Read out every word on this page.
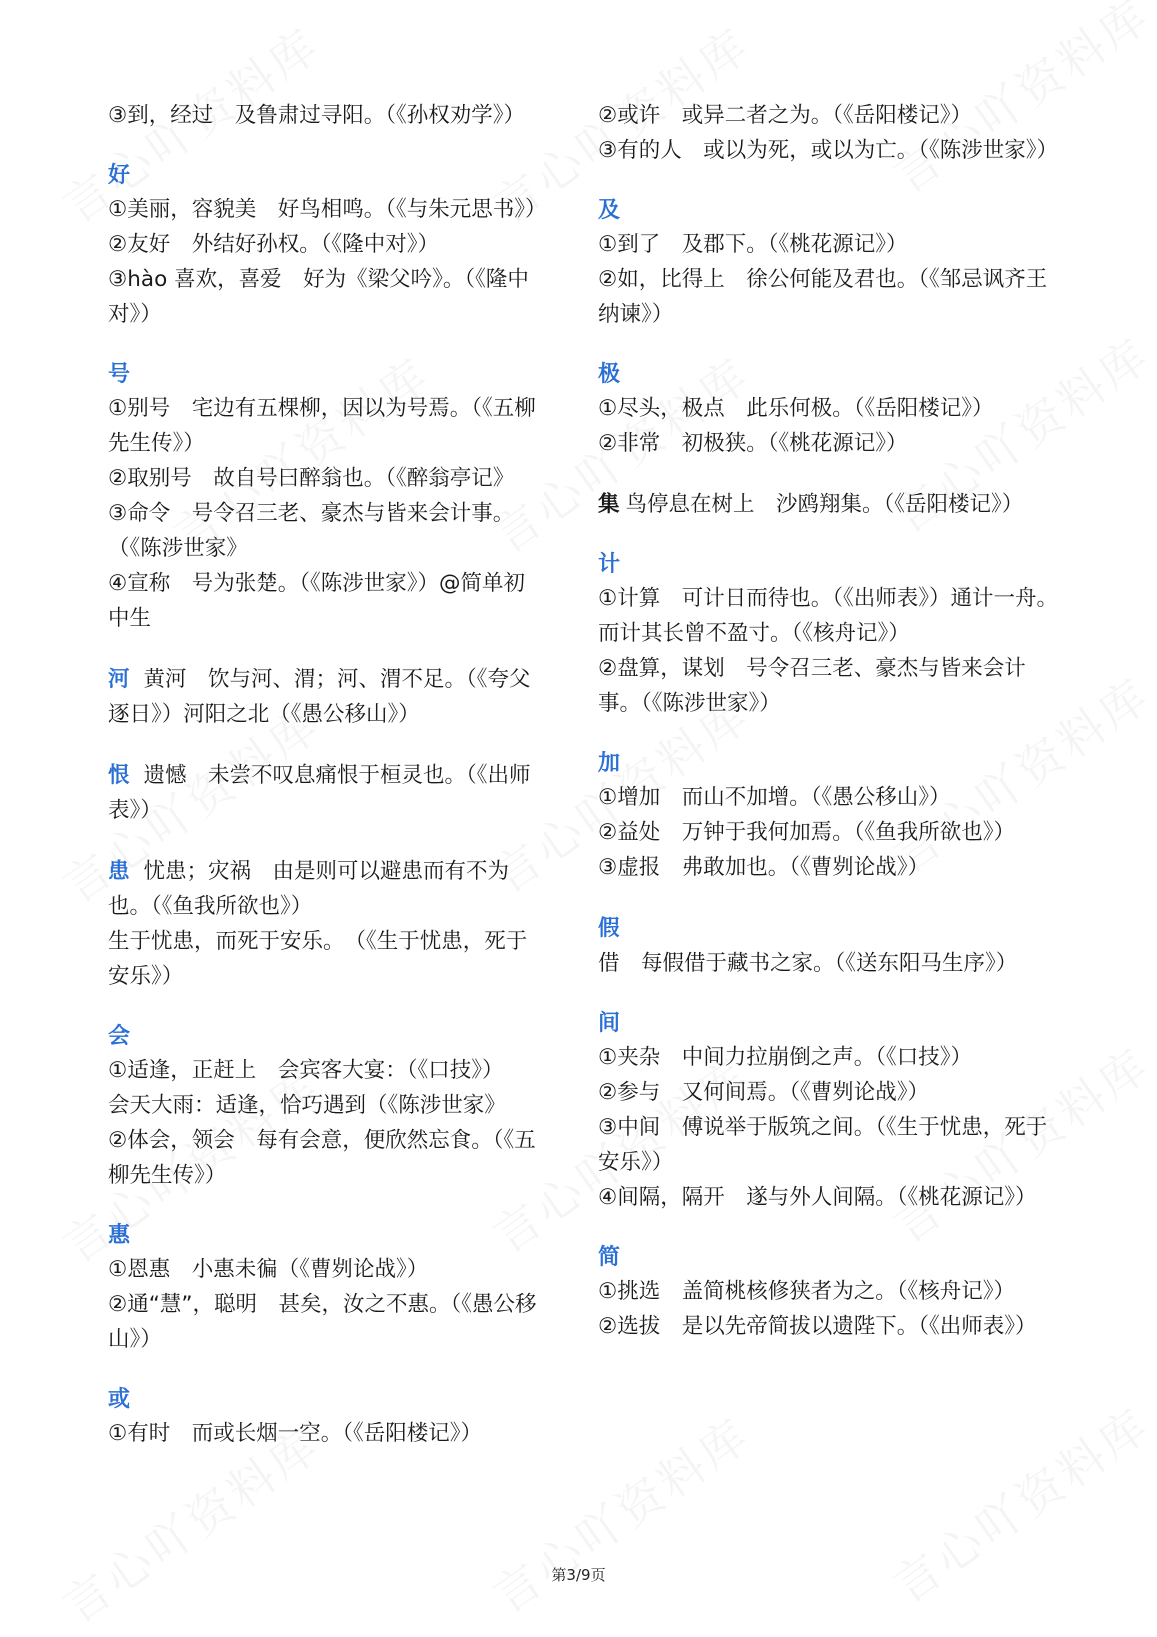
③到，经过　及鲁肃过寻阳。（《孙权劝学》）
好
①美丽，容貌美　好鸟相鸣。（《与朱元思书》）
②友好　外结好孙权。（《隆中对》）
③hào 喜欢，喜爱　好为《梁父吟》。（《隆中对》）
号
①别号　宅边有五棵柳，因以为号焉。（《五柳先生传》）
②取别号　故自号曰醉翁也。（《醉翁亭记》
③命令　号令召三老、豪杰与皆来会计事。（《陈涉世家》
④宣称　号为张楚。（《陈涉世家》）@简单初中生
河 黄河　饮与河、渭；河、渭不足。（《夸父逐日》）河阳之北（《愚公移山》）
恨 遗憾　未尝不叹息痛恨于桓灵也。（《出师表》）
患 忧患；灾祸　由是则可以避患而有不为也。（《鱼我所欲也》）
生于忧患，而死于安乐。　（《生于忧患，死于安乐》）
会
①适逢，正赶上　会宾客大宴：（《口技》）
会天大雨：适逢，恰巧遇到（《陈涉世家》
②体会，领会　每有会意，便欣然忘食。（《五柳先生传》）
惠
①恩惠　小惠未徧（《曹刿论战》）
②通“慧”，聪明　甚矣，汝之不惠。（《愚公移山》）
或
①有时　而或长烟一空。（《岳阳楼记》）
②或许　或异二者之为。（《岳阳楼记》）
③有的人　或以为死，或以为亡。（《陈涉世家》）
及
①到了　及郡下。（《桃花源记》）
②如，比得上　徐公何能及君也。（《邹忌讽齐王纳谏》）
极
①尽头，极点　此乐何极。（《岳阳楼记》）
②非常　初极狭。（《桃花源记》）
集 鸟停息在树上　沙鸥翔集。（《岳阳楼记》）
计
①计算　可计日而待也。（《出师表》）通计一舟。　而计其长曾不盈寸。（《核舟记》）
②盘算，谋划　号令召三老、豪杰与皆来会计事。（《陈涉世家》）
加
①增加　而山不加增。（《愚公移山》）
②益处　万钟于我何加焉。（《鱼我所欲也》）
③虚报　弗敢加也。（《曹刿论战》）
假借　每假借于藏书之家。（《送东阳马生序》）
间
①夹杂　中间力拉崩倒之声。（《口技》）
②参与　又何间焉。（《曹刿论战》）
③中间　傅说举于版筑之间。（《生于忧患，死于安乐》）
④间隔，隔开　遂与外人间隔。（《桃花源记》）
简
①挑选　盖简桃核修狭者为之。（《核舟记》）
②选拔　是以先帝简拔以遗陛下。（《出师表》）
第3/9页
